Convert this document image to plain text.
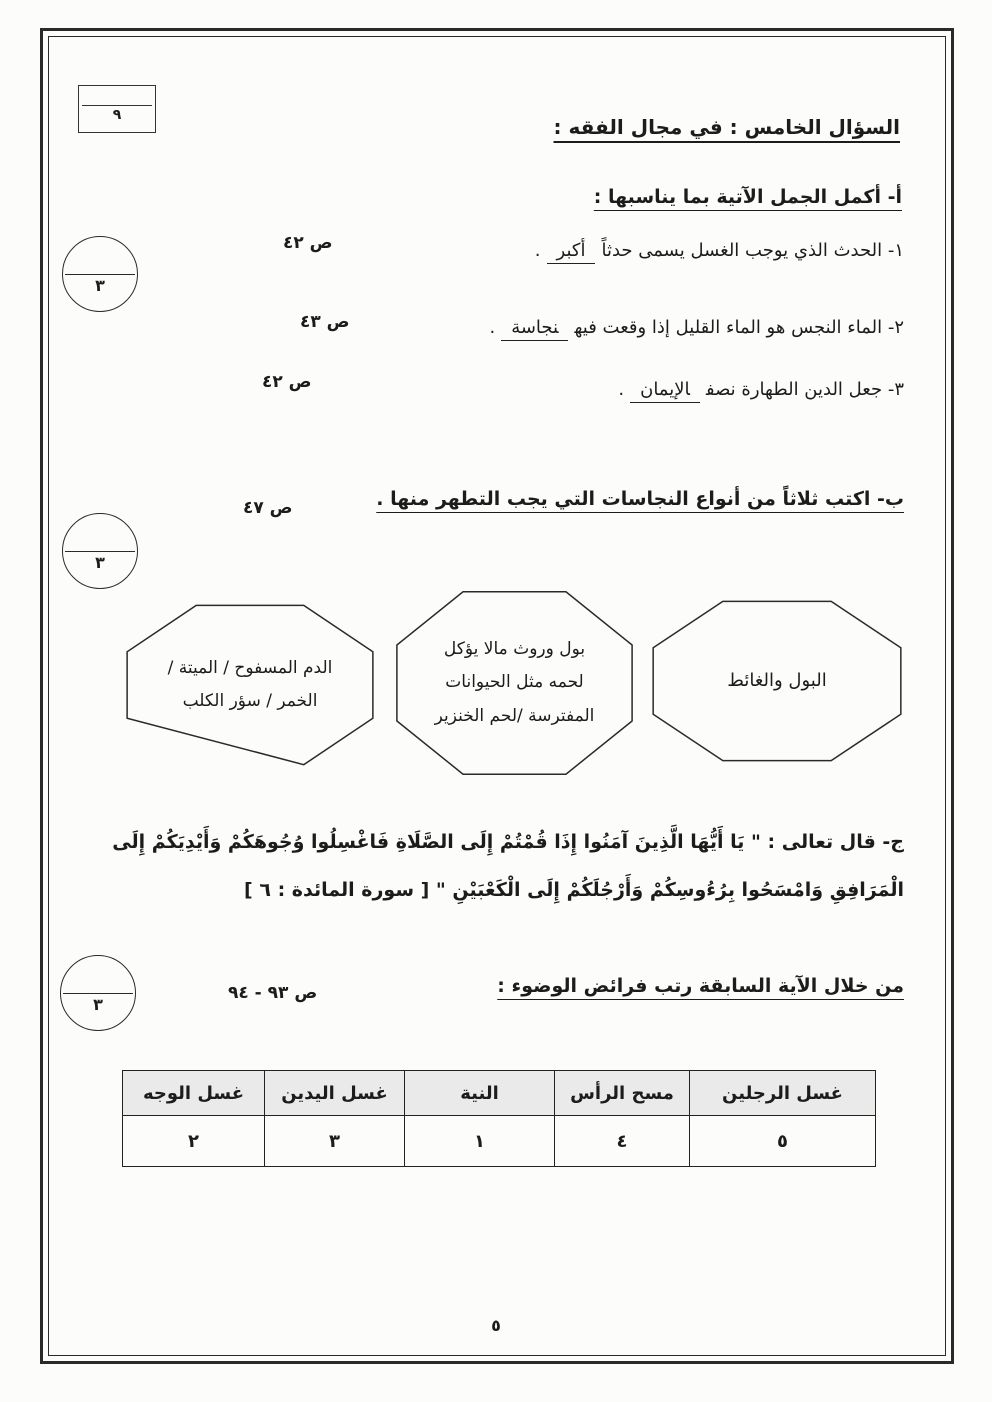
٩	السؤال الخامس : في مجال الفقه :
أ- أكمل الجمل الآتية بما يناسبها :
١- الحدث الذي يوجب الغسل يسمى حدثاًأكبر.
ص ٤٢
٢- الماء النجس هو الماء القليل إذا وقعت فيهنجاسة.
ص ٤٣
٣- جعل الدين الطهارة نصفالإيمان.
ص ٤٢
٣
ب- اكتب ثلاثاً من أنواع النجاسات التي يجب التطهر منها .
ص ٤٧
٣
البول والغائط
بول وروث مالا يؤكل
لحمه مثل الحيوانات
المفترسة /لحم الخنزير
الدم المسفوح / الميتة /
الخمر / سؤر الكلب
ج- قال تعالى : " يَا أَيُّهَا الَّذِينَ آمَنُوا إِذَا قُمْتُمْ إِلَى الصَّلَاةِ فَاغْسِلُوا وُجُوهَكُمْ وَأَيْدِيَكُمْ إِلَى
الْمَرَافِقِ وَامْسَحُوا بِرُءُوسِكُمْ وَأَرْجُلَكُمْ إِلَى الْكَعْبَيْنِ " [ سورة المائدة : ٦ ]
٣
من خلال الآية السابقة رتب فرائض الوضوء :
ص ٩٣ - ٩٤
غسل الرجلين	مسح الرأس	النية	غسل اليدين	غسل الوجه
٥	٤	١	٣	٢
٥
